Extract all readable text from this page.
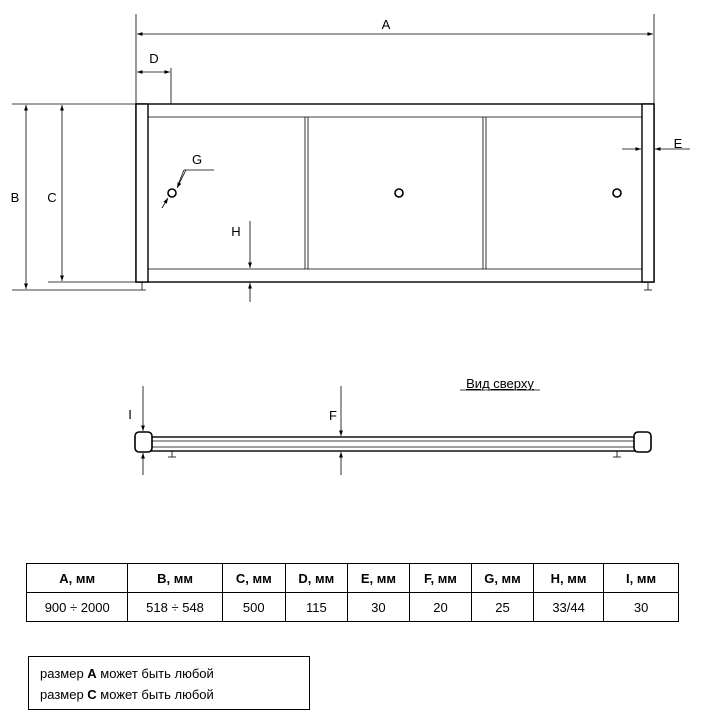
A
D
B C
G
H
E
Вид сверху
I	F
A, мм	B, мм	C, мм	D, мм	E, мм	F, мм	G, мм	H, мм	I, мм
900 ÷ 2000	518 ÷ 548	500	115	30	20	25	33/44	30
размер A может быть любой
размер C может быть любой
